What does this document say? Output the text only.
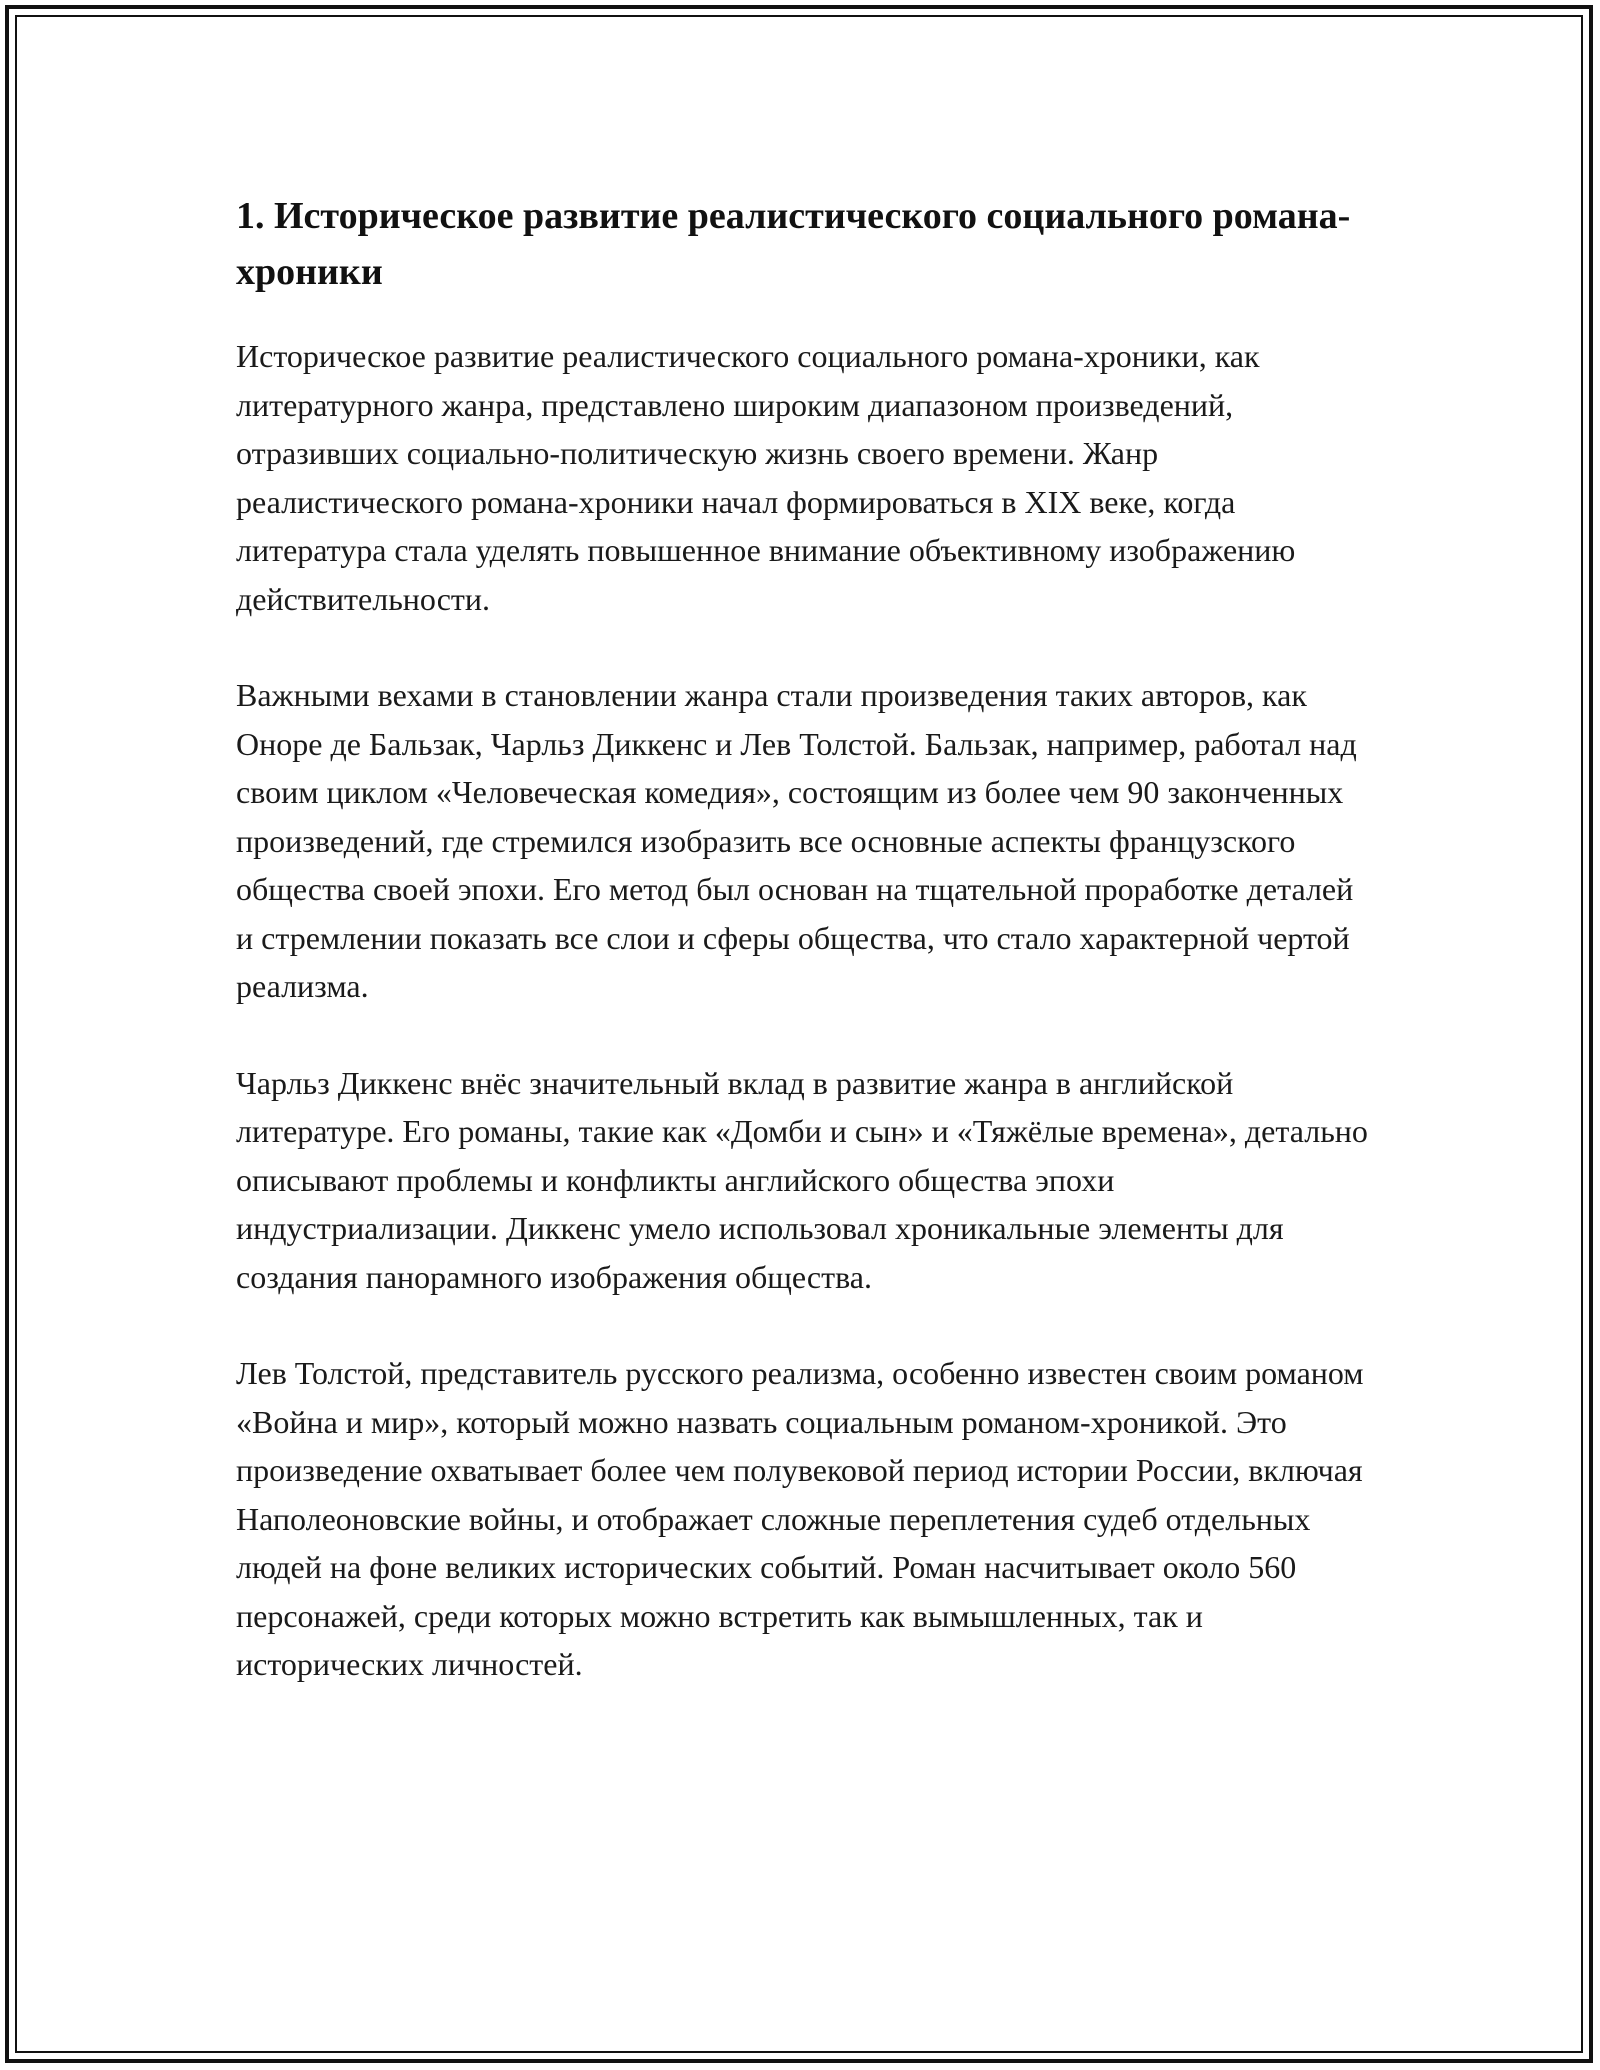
1. Историческое развитие реалистического социального романа-хроники

Историческое развитие реалистического социального романа-хроники, как литературного жанра, представлено широким диапазоном произведений, отразивших социально-политическую жизнь своего времени. Жанр реалистического романа-хроники начал формироваться в XIX веке, когда литература стала уделять повышенное внимание объективному изображению действительности.

Важными вехами в становлении жанра стали произведения таких авторов, как Оноре де Бальзак, Чарльз Диккенс и Лев Толстой. Бальзак, например, работал над своим циклом «Человеческая комедия», состоящим из более чем 90 законченных произведений, где стремился изобразить все основные аспекты французского общества своей эпохи. Его метод был основан на тщательной проработке деталей и стремлении показать все слои и сферы общества, что стало характерной чертой реализма.

Чарльз Диккенс внёс значительный вклад в развитие жанра в английской литературе. Его романы, такие как «Домби и сын» и «Тяжёлые времена», детально описывают проблемы и конфликты английского общества эпохи индустриализации. Диккенс умело использовал хроникальные элементы для создания панорамного изображения общества.

Лев Толстой, представитель русского реализма, особенно известен своим романом «Война и мир», который можно назвать социальным романом-хроникой. Это произведение охватывает более чем полувековой период истории России, включая Наполеоновские войны, и отображает сложные переплетения судеб отдельных людей на фоне великих исторических событий. Роман насчитывает около 560 персонажей, среди которых можно встретить как вымышленных, так и исторических личностей.
